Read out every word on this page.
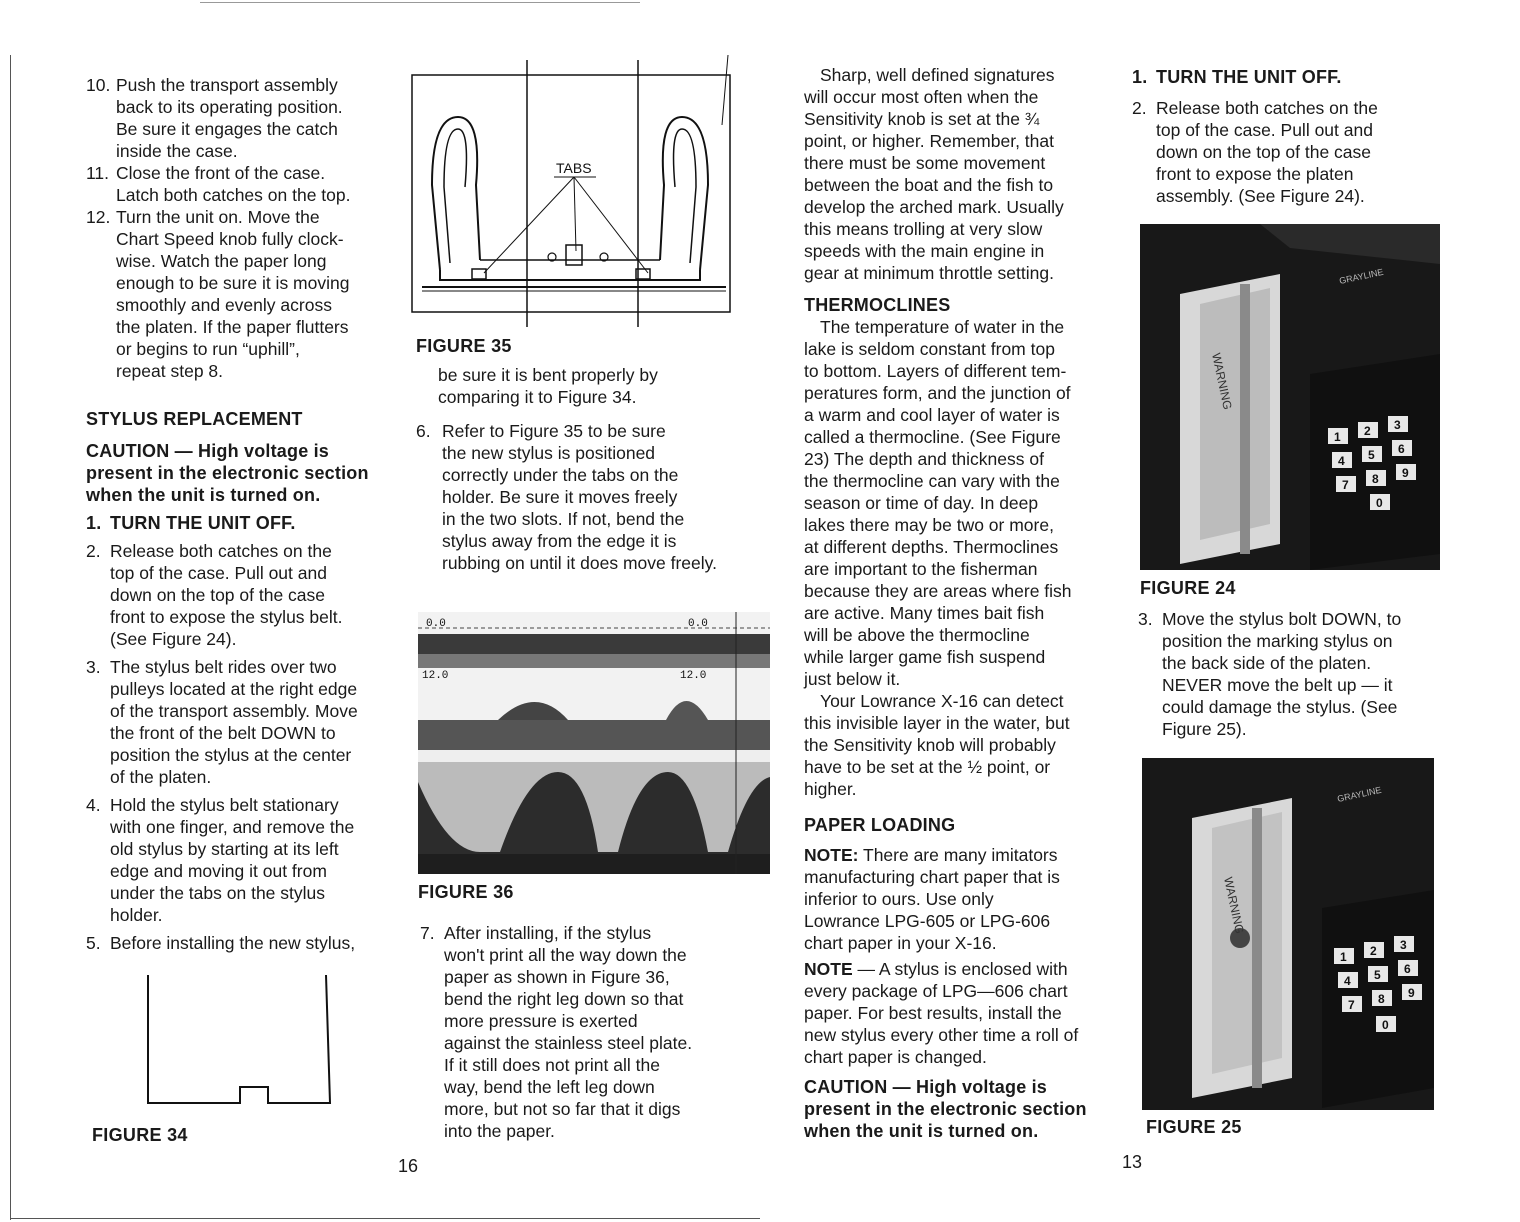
10. Push the transport assembly
back to its operating position.
Be sure it engages the catch
inside the case.
11. Close the front of the case.
Latch both catches on the top.
12. Turn the unit on. Move the
Chart Speed knob fully clock-
wise. Watch the paper long
enough to be sure it is moving
smoothly and evenly across
the platen. If the paper flutters
or begins to run “uphill”,
repeat step 8.
STYLUS REPLACEMENT
CAUTION — High voltage is
present in the electronic section
when the unit is turned on.
1. TURN THE UNIT OFF.
2. Release both catches on the
top of the case. Pull out and
down on the top of the case
front to expose the stylus belt.
(See Figure 24).
3. The stylus belt rides over two
pulleys located at the right edge
of the transport assembly. Move
the front of the belt DOWN to
position the stylus at the center
of the platen.
4. Hold the stylus belt stationary
with one finger, and remove the
old stylus by starting at its left
edge and moving it out from
under the tabs on the stylus
holder.
5. Before installing the new stylus,
FIGURE 34
TABS
FIGURE 35
be sure it is bent properly by
comparing it to Figure 34.
6. Refer to Figure 35 to be sure
the new stylus is positioned
correctly under the tabs on the
holder. Be sure it moves freely
in the two slots. If not, bend the
stylus away from the edge it is
rubbing on until it does move freely.
0.0	0.0
12.0	12.0
FIGURE 36
7. After installing, if the stylus
won't print all the way down the
paper as shown in Figure 36,
bend the right leg down so that
more pressure is exerted
against the stainless steel plate.
If it still does not print all the
way, bend the left leg down
more, but not so far that it digs
into the paper.
16

Sharp, well defined signatures
will occur most often when the
Sensitivity knob is set at the ¾
point, or higher. Remember, that
there must be some movement
between the boat and the fish to
develop the arched mark. Usually
this means trolling at very slow
speeds with the main engine in
gear at minimum throttle setting.

THERMOCLINES

The temperature of water in the
lake is seldom constant from top
to bottom. Layers of different tem-
peratures form, and the junction of
a warm and cool layer of water is
called a thermocline. (See Figure
23) The depth and thickness of
the thermocline can vary with the
season or time of day. In deep
lakes there may be two or more,
at different depths. Thermoclines
are important to the fisherman
because they are areas where fish
are active. Many times bait fish
will be above the thermocline
while larger game fish suspend
just below it.

Your Lowrance X-16 can detect
this invisible layer in the water, but
the Sensitivity knob will probably
have to be set at the ½ point, or
higher.

PAPER LOADING

NOTE: There are many imitators
manufacturing chart paper that is
inferior to ours. Use only
Lowrance LPG-605 or LPG-606
chart paper in your X-16.

NOTE — A stylus is enclosed with
every package of LPG—606 chart
paper. For best results, install the
new stylus every other time a roll of
chart paper is changed.

CAUTION — High voltage is
present in the electronic section
when the unit is turned on.
1. TURN THE UNIT OFF.
2. Release both catches on the
top of the case. Pull out and
down on the top of the case
front to expose the platen
assembly. (See Figure 24).
GRAYLINE
WARNING
1 2 3
4 5 6
7 8 9
0
FIGURE 24
3. Move the stylus bolt DOWN, to
position the marking stylus on
the back side of the platen.
NEVER move the belt up — it
could damage the stylus. (See
Figure 25).
GRAYLINE
WARNING
1 2 3
4 5 6
7 8 9
0
FIGURE 25
13
